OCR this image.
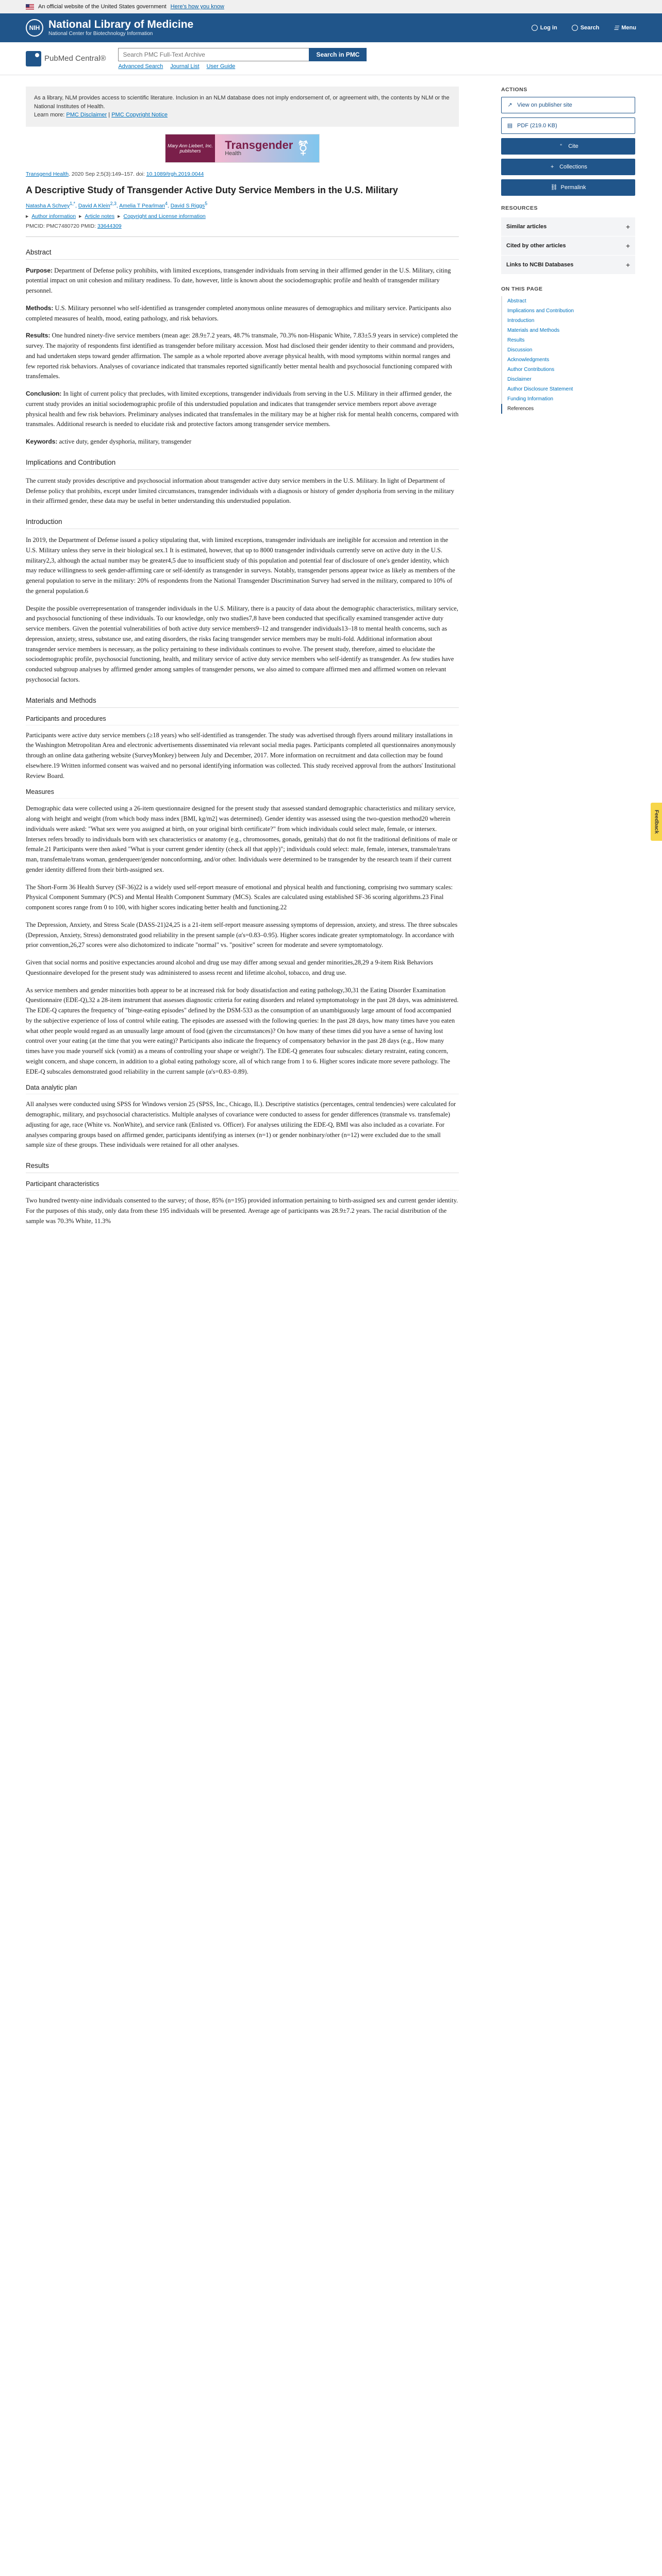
An official website of the United States government Here's how you know
NIH National Library of Medicine
National Center for Biotechnology Information
Log in	Search	☰ Menu
PubMed Central®
Search PMC Full-Text Archive	Search in PMC
Advanced Search Journal List User Guide
As a library, NLM provides access to scientific literature. Inclusion in an NLM database does not imply endorsement of, or agreement with, the contents by NLM or the National Institutes of Health.
Learn more: PMC Disclaimer | PMC Copyright Notice
Mary Ann Liebert, Inc. publishers	Transgender
Health	⚧
Transgend Health. 2020 Sep 2;5(3):149–157. doi: 10.1089/trgh.2019.0044
A Descriptive Study of Transgender Active Duty Service Members in the U.S. Military
Natasha A Schvey$^{1,*}$, David A Klein$^{2,3}$, Amelia T Pearlman$^4$, David S Riggs$^5$
▸ Author information ▸ Article notes ▸ Copyright and License information
PMCID: PMC7480720 PMID: 33644309
Abstract

Purpose: Department of Defense policy prohibits, with limited exceptions, transgender individuals from serving in their affirmed gender in the U.S. Military, citing potential impact on unit cohesion and military readiness. To date, however, little is known about the sociodemographic profile and health of transgender military personnel.

Methods: U.S. Military personnel who self-identified as transgender completed anonymous online measures of demographics and military service. Participants also completed measures of health, mood, eating pathology, and risk behaviors.

Results: One hundred ninety-five service members (mean age: 28.9±7.2 years, 48.7% transmale, 70.3% non-Hispanic White, 7.83±5.9 years in service) completed the survey. The majority of respondents first identified as transgender before military accession. Most had disclosed their gender identity to their command and providers, and had undertaken steps toward gender affirmation. The sample as a whole reported above average physical health, with mood symptoms within normal ranges and few reported risk behaviors. Analyses of covariance indicated that transmales reported significantly better mental health and psychosocial functioning compared with transfemales.

Conclusion: In light of current policy that precludes, with limited exceptions, transgender individuals from serving in the U.S. Military in their affirmed gender, the current study provides an initial sociodemographic profile of this understudied population and indicates that transgender service members report above average physical health and few risk behaviors. Preliminary analyses indicated that transfemales in the military may be at higher risk for mental health concerns, compared with transmales. Additional research is needed to elucidate risk and protective factors among transgender service members.

Keywords: active duty, gender dysphoria, military, transgender

Implications and Contribution

The current study provides descriptive and psychosocial information about transgender active duty service members in the U.S. Military. In light of Department of Defense policy that prohibits, except under limited circumstances, transgender individuals with a diagnosis or history of gender dysphoria from serving in the military in their affirmed gender, these data may be useful in better understanding this understudied population.

Introduction

In 2019, the Department of Defense issued a policy stipulating that, with limited exceptions, transgender individuals are ineligible for accession and retention in the U.S. Military unless they serve in their biological sex.1 It is estimated, however, that up to 8000 transgender individuals currently serve on active duty in the U.S. military2,3, although the actual number may be greater4,5 due to insufficient study of this population and potential fear of disclosure of one's gender identity, which may reduce willingness to seek gender-affirming care or self-identify as transgender in surveys. Notably, transgender persons appear twice as likely as members of the general population to serve in the military: 20% of respondents from the National Transgender Discrimination Survey had served in the military, compared to 10% of the general population.6

Despite the possible overrepresentation of transgender individuals in the U.S. Military, there is a paucity of data about the demographic characteristics, military service, and psychosocial functioning of these individuals. To our knowledge, only two studies7,8 have been conducted that specifically examined transgender active duty service members. Given the potential vulnerabilities of both active duty service members9–12 and transgender individuals13–18 to mental health concerns, such as depression, anxiety, stress, substance use, and eating disorders, the risks facing transgender service members may be multi-fold. Additional information about transgender service members is necessary, as the policy pertaining to these individuals continues to evolve. The present study, therefore, aimed to elucidate the sociodemographic profile, psychosocial functioning, health, and military service of active duty service members who self-identify as transgender. As few studies have conducted subgroup analyses by affirmed gender among samples of transgender persons, we also aimed to compare affirmed men and affirmed women on relevant psychosocial factors.

Materials and Methods
Participants and procedures

Participants were active duty service members (≥18 years) who self-identified as transgender. The study was advertised through flyers around military installations in the Washington Metropolitan Area and electronic advertisements disseminated via relevant social media pages. Participants completed all questionnaires anonymously through an online data gathering website (SurveyMonkey) between July and December, 2017. More information on recruitment and data collection may be found elsewhere.19 Written informed consent was waived and no personal identifying information was collected. This study received approval from the authors' Institutional Review Board.

Measures

Demographic data were collected using a 26-item questionnaire designed for the present study that assessed standard demographic characteristics and military service, along with height and weight (from which body mass index [BMI, kg/m2] was determined). Gender identity was assessed using the two-question method20 wherein individuals were asked: "What sex were you assigned at birth, on your original birth certificate?" from which individuals could select male, female, or intersex. Intersex refers broadly to individuals born with sex characteristics or anatomy (e.g., chromosomes, gonads, genitals) that do not fit the traditional definitions of male or female.21 Participants were then asked "What is your current gender identity (check all that apply)"; individuals could select: male, female, intersex, transmale/trans man, transfemale/trans woman, genderqueer/gender nonconforming, and/or other. Individuals were determined to be transgender by the research team if their current gender identity differed from their birth-assigned sex.

The Short-Form 36 Health Survey (SF-36)22 is a widely used self-report measure of emotional and physical health and functioning, comprising two summary scales: Physical Component Summary (PCS) and Mental Health Component Summary (MCS). Scales are calculated using established SF-36 scoring algorithms.23 Final component scores range from 0 to 100, with higher scores indicating better health and functioning.22

The Depression, Anxiety, and Stress Scale (DASS-21)24,25 is a 21-item self-report measure assessing symptoms of depression, anxiety, and stress. The three subscales (Depression, Anxiety, Stress) demonstrated good reliability in the present sample (α's=0.83–0.95). Higher scores indicate greater symptomatology. In accordance with prior convention,26,27 scores were also dichotomized to indicate "normal" vs. "positive" screen for moderate and severe symptomatology.

Given that social norms and positive expectancies around alcohol and drug use may differ among sexual and gender minorities,28,29 a 9-item Risk Behaviors Questionnaire developed for the present study was administered to assess recent and lifetime alcohol, tobacco, and drug use.

As service members and gender minorities both appear to be at increased risk for body dissatisfaction and eating pathology,30,31 the Eating Disorder Examination Questionnaire (EDE-Q),32 a 28-item instrument that assesses diagnostic criteria for eating disorders and related symptomatology in the past 28 days, was administered. The EDE-Q captures the frequency of "binge-eating episodes" defined by the DSM-533 as the consumption of an unambiguously large amount of food accompanied by the subjective experience of loss of control while eating. The episodes are assessed with the following queries: In the past 28 days, how many times have you eaten what other people would regard as an unusually large amount of food (given the circumstances)? On how many of these times did you have a sense of having lost control over your eating (at the time that you were eating)? Participants also indicate the frequency of compensatory behavior in the past 28 days (e.g., How many times have you made yourself sick (vomit) as a means of controlling your shape or weight?). The EDE-Q generates four subscales: dietary restraint, eating concern, weight concern, and shape concern, in addition to a global eating pathology score, all of which range from 1 to 6. Higher scores indicate more severe pathology. The EDE-Q subscales demonstrated good reliability in the current sample (α's=0.83–0.89).

Data analytic plan

All analyses were conducted using SPSS for Windows version 25 (SPSS, Inc., Chicago, IL). Descriptive statistics (percentages, central tendencies) were calculated for demographic, military, and psychosocial characteristics. Multiple analyses of covariance were conducted to assess for gender differences (transmale vs. transfemale) adjusting for age, race (White vs. NonWhite), and service rank (Enlisted vs. Officer). For analyses utilizing the EDE-Q, BMI was also included as a covariate. For analyses comparing groups based on affirmed gender, participants identifying as intersex (n=1) or gender nonbinary/other (n=12) were excluded due to the small sample size of these groups. These individuals were retained for all other analyses.

Results
Participant characteristics

Two hundred twenty-nine individuals consented to the survey; of those, 85% (n=195) provided information pertaining to birth-assigned sex and current gender identity. For the purposes of this study, only data from these 195 individuals will be presented. Average age of participants was 28.9±7.2 years. The racial distribution of the sample was 70.3% White, 11.3%

ACTIONS
↗ View on publisher site
▤ PDF (219.0 KB)
“	Cite
+ Collections
⛓ Permalink
RESOURCES
Similar articles	+
Cited by other articles	+
Links to NCBI Databases	+
ON THIS PAGE
Abstract
Implications and Contribution
Introduction
Materials and Methods
Results
Discussion
Acknowledgments
Author Contributions
Disclaimer
Author Disclosure Statement
Funding Information
References
Feedback
